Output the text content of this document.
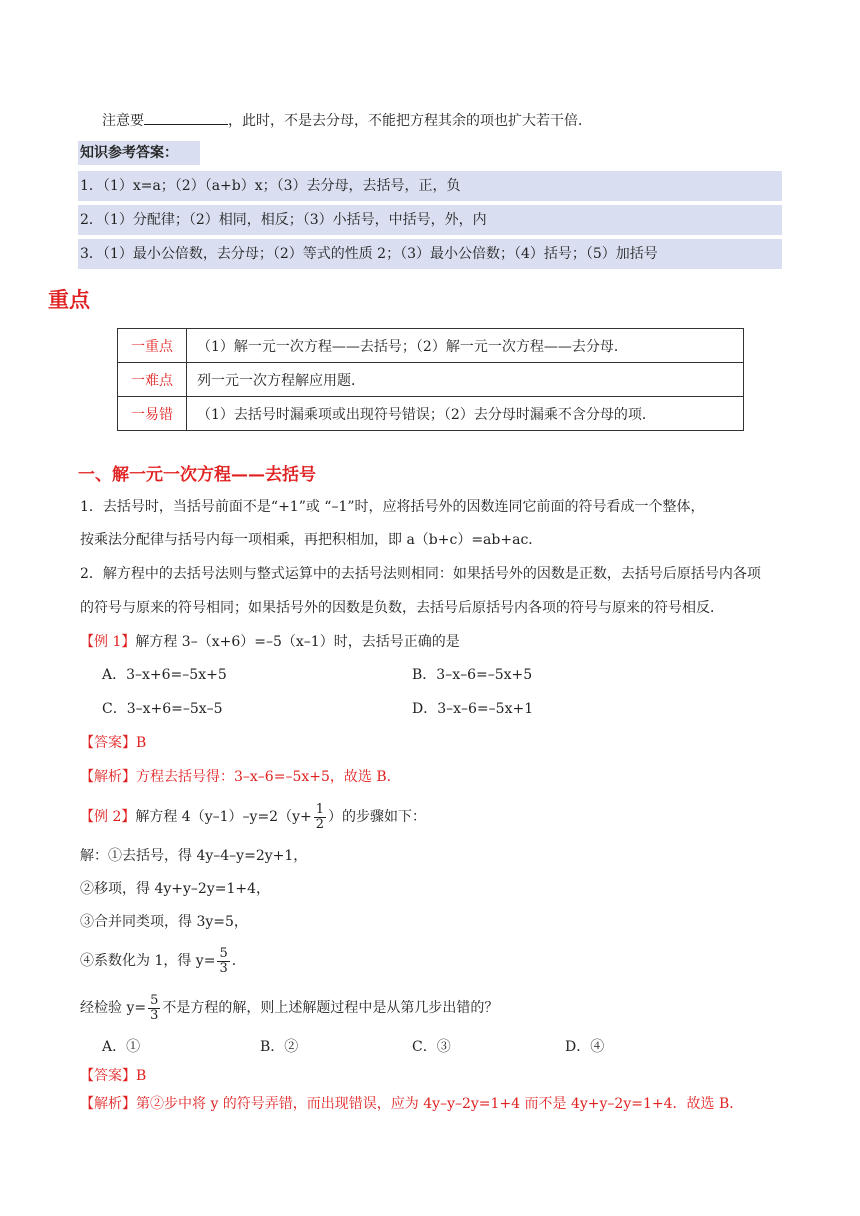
注意要	，此时，不是去分母，不能把方程其余的项也扩大若干倍．
知识参考答案：
1．（1）x=a；（2）（a+b）x；（3）去分母，去括号，正，负
2．（1）分配律；（2）相同，相反；（3）小括号，中括号，外，内
3．（1）最小公倍数，去分母；（2）等式的性质 2；（3）最小公倍数；（4）括号；（5）加括号
重点
一重点	（1）解一元一次方程——去括号；（2）解一元一次方程——去分母．
一难点	列一元一次方程解应用题．
一易错	（1）去括号时漏乘项或出现符号错误；（2）去分母时漏乘不含分母的项．
一、解一元一次方程——去括号
1．去括号时，当括号前面不是“+1”或 “–1”时，应将括号外的因数连同它前面的符号看成一个整体，
按乘法分配律与括号内每一项相乘，再把积相加，即 a（b+c）=ab+ac．
2．解方程中的去括号法则与整式运算中的去括号法则相同：如果括号外的因数是正数，去括号后原括号内各项
的符号与原来的符号相同；如果括号外的因数是负数，去括号后原括号内各项的符号与原来的符号相反．
【例 1】解方程 3–（x+6）=–5（x–1）时，去括号正确的是
A．3–x+6=–5x+5	B．3–x–6=–5x+5
C．3–x+6=–5x–5	D．3–x–6=–5x+1
【答案】B
【解析】方程去括号得：3–x–6=–5x+5，故选 B．
【例 2】解方程 $4(y-1)-y=2(y+ \frac{1}{2}$ ）的步骤如下：
解：①去括号，得 4y–4–y=2y+1，
②移项，得 4y+y–2y=1+4，
③合并同类项，得 3y=5，
④系数化为 1，得 $y= \frac{5}{3}$ ．
经检验 $y= \frac{5}{3}$ 不是方程的解，则上述解题过程中是从第几步出错的？
A．①	B．②	C．③	D．④
【答案】B
【解析】第②步中将 y 的符号弄错，而出现错误，应为 4y–y–2y=1+4 而不是 4y+y–2y=1+4．故选 B．
